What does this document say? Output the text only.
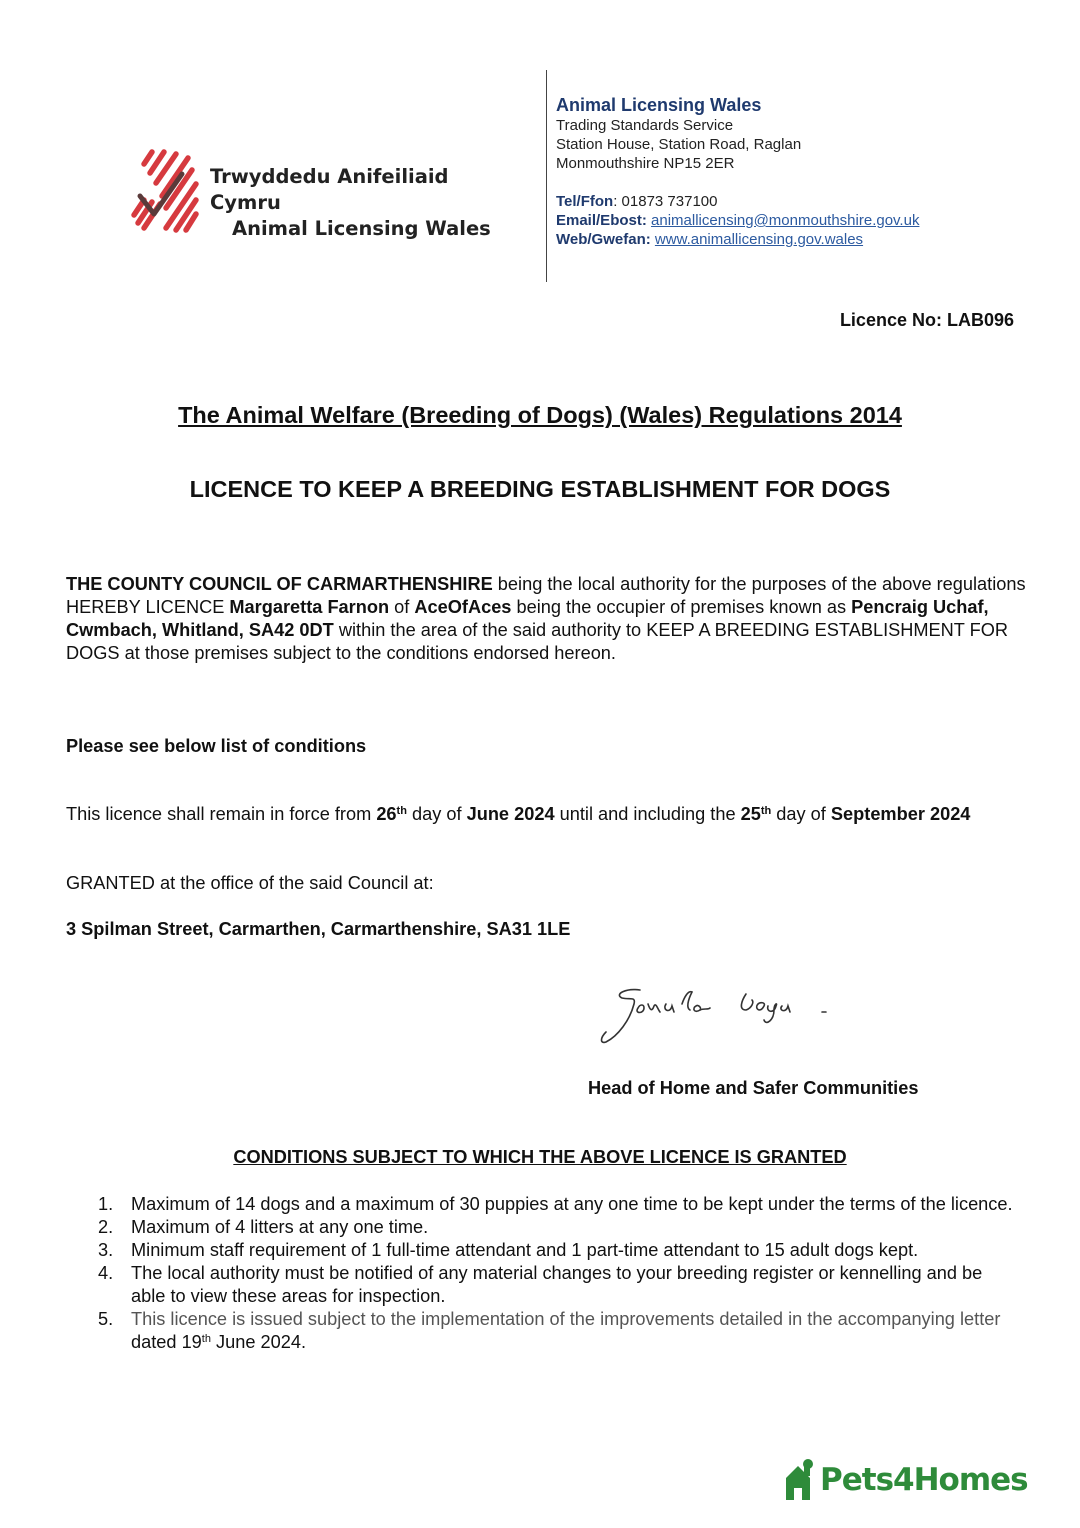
Trwyddedu Anifeiliaid Cymru
Animal Licensing Wales
Animal Licensing Wales
Trading Standards Service
Station House, Station Road, Raglan
Monmouthshire NP15 2ER
Tel/Ffon: 01873 737100
Email/Ebost: animallicensing@monmouthshire.gov.uk
Web/Gwefan: www.animallicensing.gov.wales
Licence No: LAB096
The Animal Welfare (Breeding of Dogs) (Wales) Regulations 2014
LICENCE TO KEEP A BREEDING ESTABLISHMENT FOR DOGS
THE COUNTY COUNCIL OF CARMARTHENSHIRE being the local authority for the purposes of the above regulations HEREBY LICENCE Margaretta Farnon of AceOfAces being the occupier of premises known as Pencraig Uchaf, Cwmbach, Whitland, SA42 0DT within the area of the said authority to KEEP A BREEDING ESTABLISHMENT FOR DOGS at those premises subject to the conditions endorsed hereon.
Please see below list of conditions
This licence shall remain in force from 26th day of June 2024 until and including the 25th day of September 2024
GRANTED at the office of the said Council at:
3 Spilman Street, Carmarthen, Carmarthenshire, SA31 1LE
Head of Home and Safer Communities
CONDITIONS SUBJECT TO WHICH THE ABOVE LICENCE IS GRANTED
1. Maximum of 14 dogs and a maximum of 30 puppies at any one time to be kept under the terms of the licence.
2. Maximum of 4 litters at any one time.
3. Minimum staff requirement of 1 full-time attendant and 1 part-time attendant to 15 adult dogs kept.
4. The local authority must be notified of any material changes to your breeding register or kennelling and be able to view these areas for inspection.
5. This licence is issued subject to the implementation of the improvements detailed in the accompanying letter dated 19th June 2024.
Pets4Homes
